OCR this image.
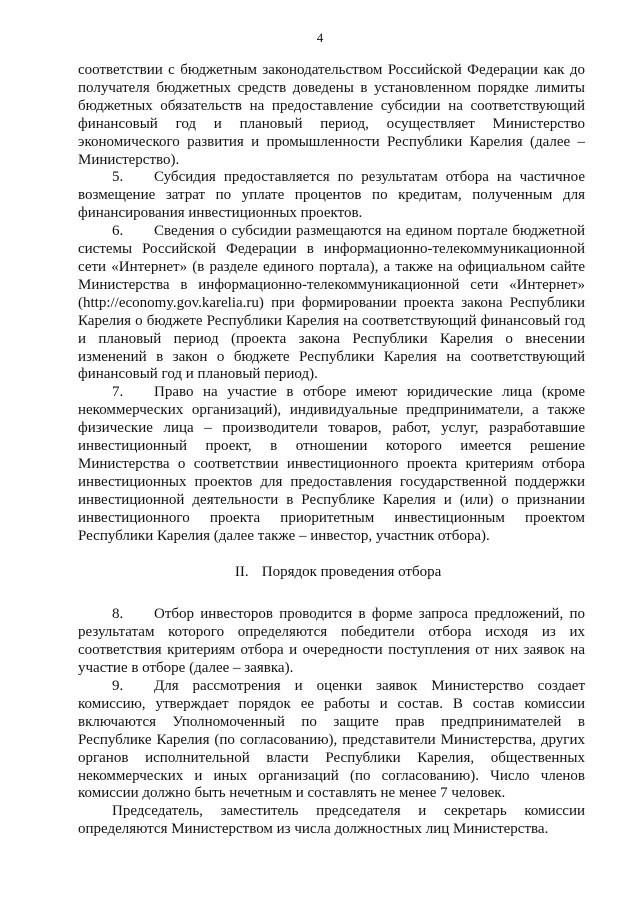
4

соответствии с бюджетным законодательством Российской Федерации как до получателя бюджетных средств доведены в установленном порядке лимиты бюджетных обязательств на предоставление субсидии на соответствующий финансовый год и плановый период, осуществляет Министерство экономического развития и промышленности Республики Карелия (далее – Министерство).

5. Субсидия предоставляется по результатам отбора на частичное возмещение затрат по уплате процентов по кредитам, полученным для финансирования инвестиционных проектов.

6. Сведения о субсидии размещаются на едином портале бюджетной системы Российской Федерации в информационно-телекоммуникационной сети «Интернет» (в разделе единого портала), а также на официальном сайте Министерства в информационно-телекоммуникационной сети «Интернет» (http://economy.gov.karelia.ru) при формировании проекта закона Республики Карелия о бюджете Республики Карелия на соответствующий финансовый год и плановый период (проекта закона Республики Карелия о внесении изменений в закон о бюджете Республики Карелия на соответствующий финансовый год и плановый период).

7. Право на участие в отборе имеют юридические лица (кроме некоммерческих организаций), индивидуальные предприниматели, а также физические лица – производители товаров, работ, услуг, разработавшие инвестиционный проект, в отношении которого имеется решение Министерства о соответствии инвестиционного проекта критериям отбора инвестиционных проектов для предоставления государственной поддержки инвестиционной деятельности в Республике Карелия и (или) о признании инвестиционного проекта приоритетным инвестиционным проектом Республики Карелия (далее также – инвестор, участник отбора).

II. Порядок проведения отбора

8. Отбор инвесторов проводится в форме запроса предложений, по результатам которого определяются победители отбора исходя из их соответствия критериям отбора и очередности поступления от них заявок на участие в отборе (далее – заявка).

9. Для рассмотрения и оценки заявок Министерство создает комиссию, утверждает порядок ее работы и состав. В состав комиссии включаются Уполномоченный по защите прав предпринимателей в Республике Карелия (по согласованию), представители Министерства, других органов исполнительной власти Республики Карелия, общественных некоммерческих и иных организаций (по согласованию). Число членов комиссии должно быть нечетным и составлять не менее 7 человек.

Председатель, заместитель председателя и секретарь комиссии определяются Министерством из числа должностных лиц Министерства.
